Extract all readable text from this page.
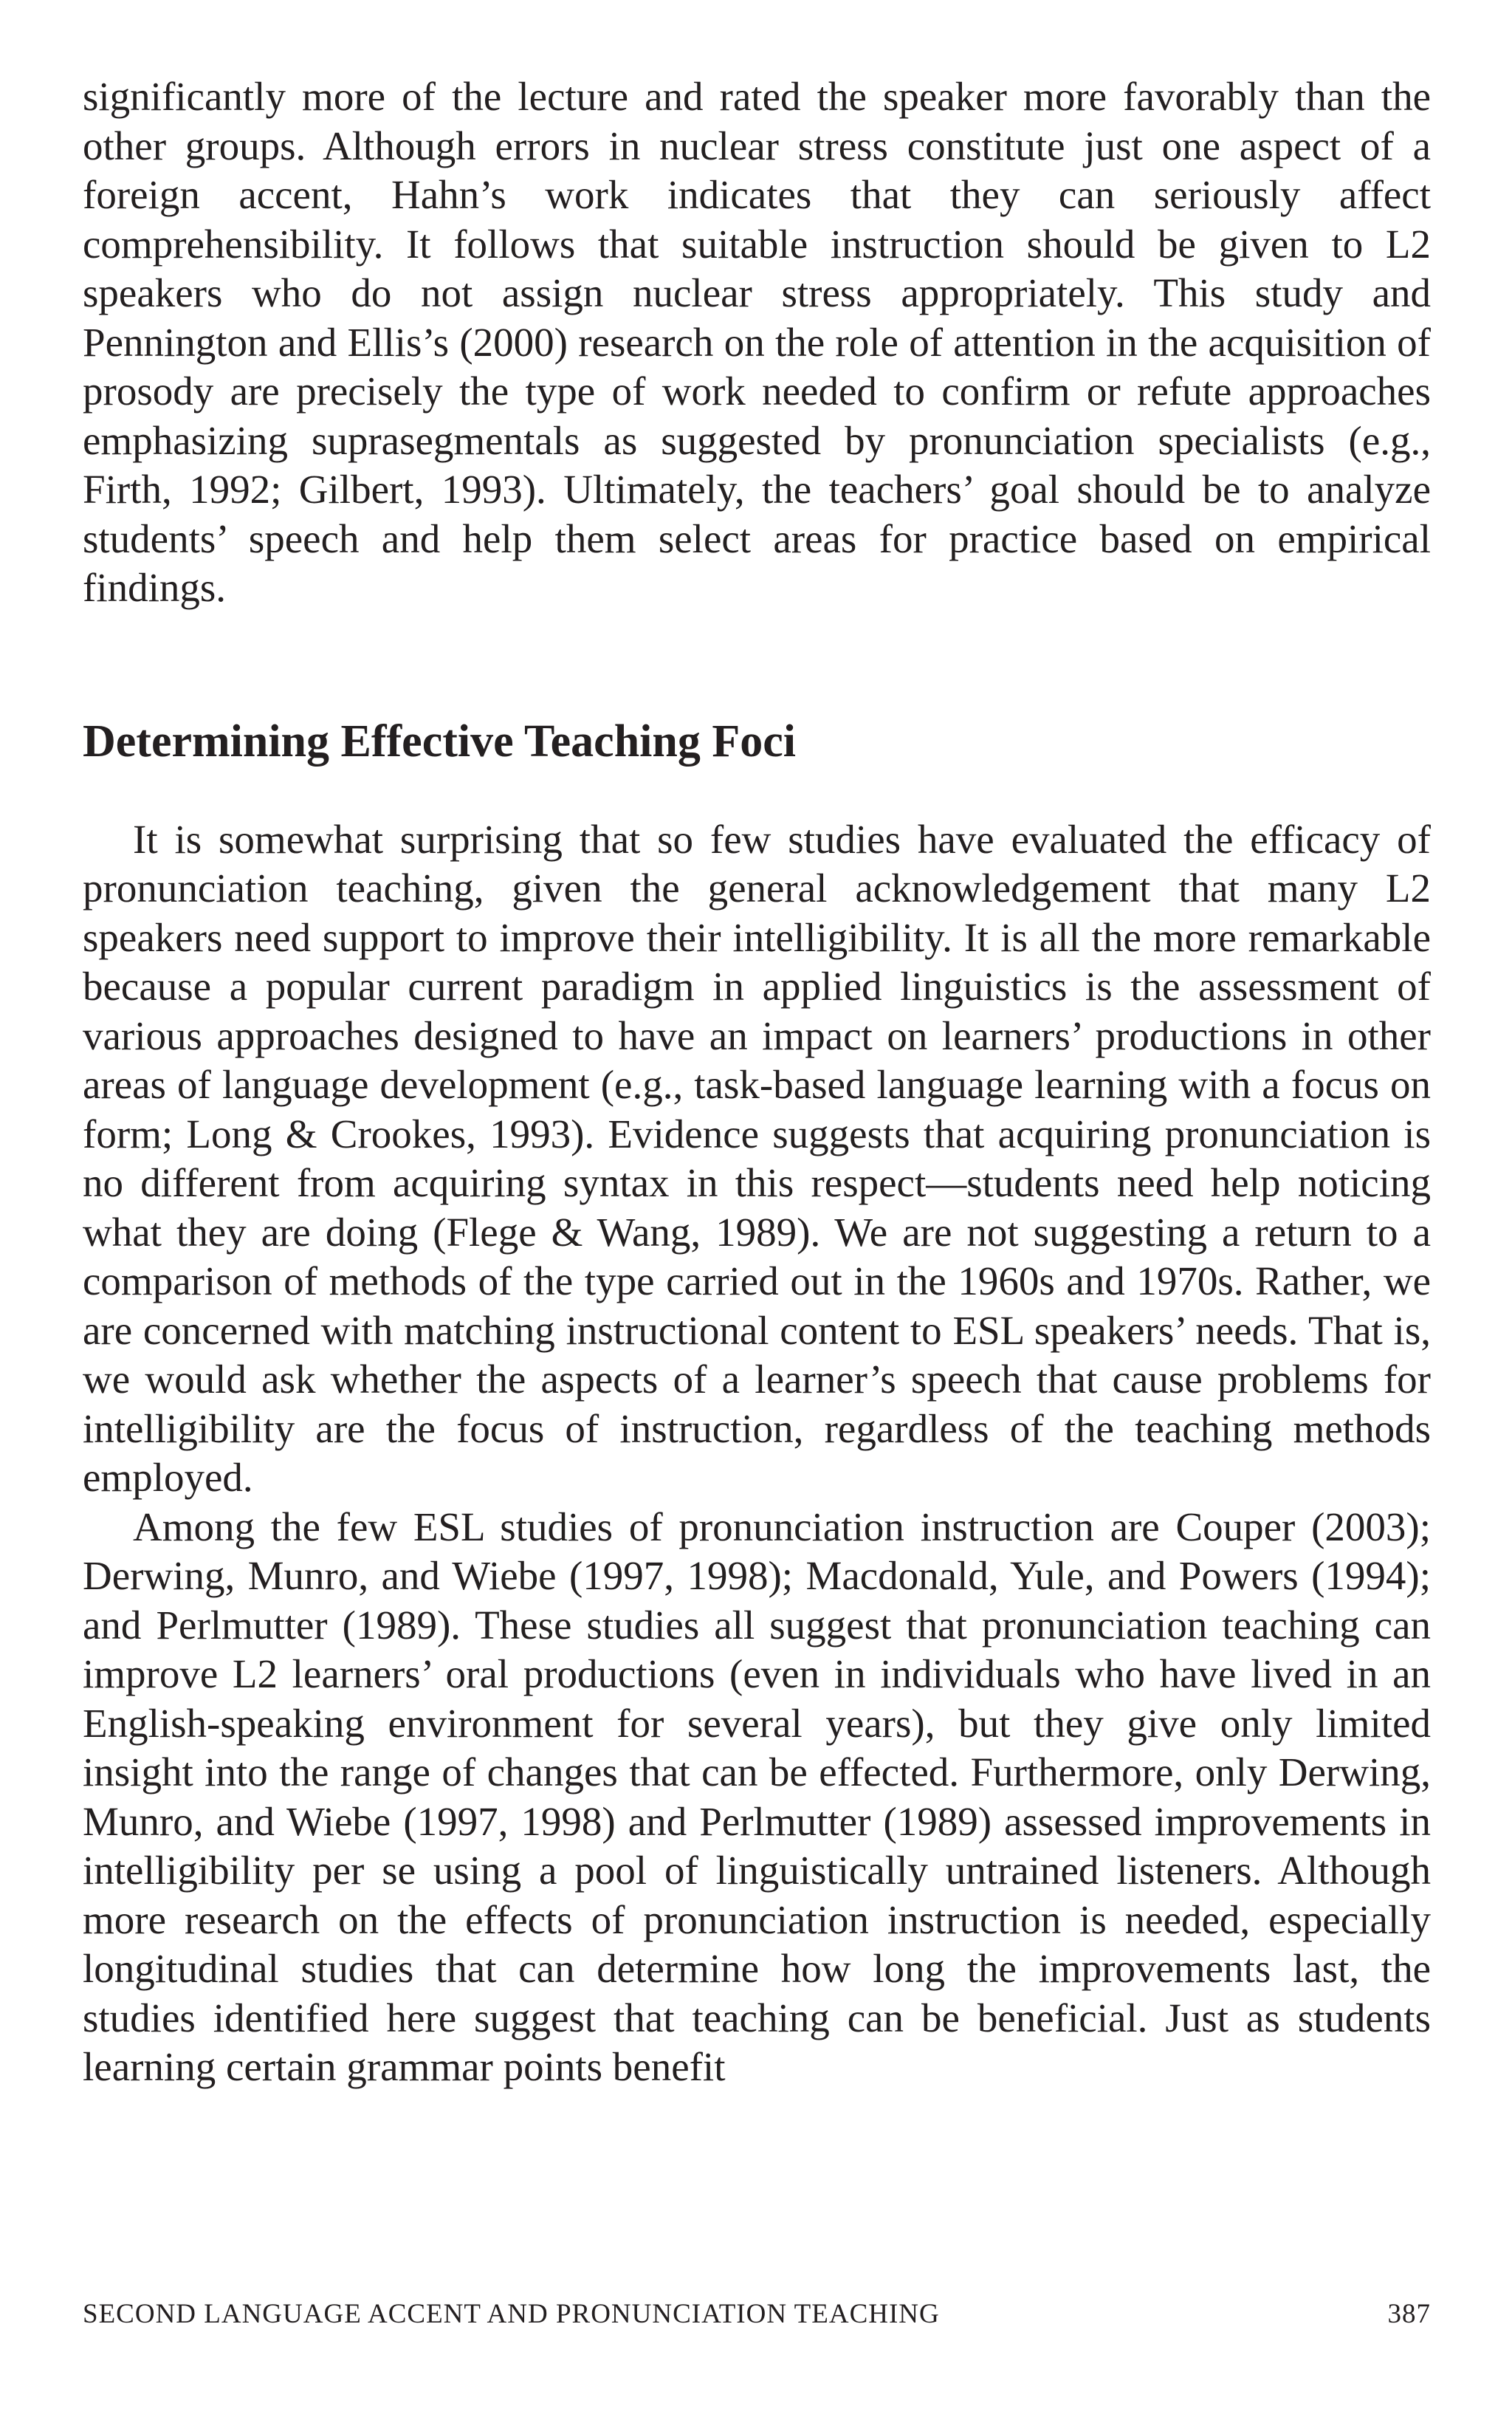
significantly more of the lecture and rated the speaker more favorably than the other groups. Although errors in nuclear stress constitute just one aspect of a foreign accent, Hahn’s work indicates that they can seriously affect comprehensibility. It follows that suitable instruction should be given to L2 speakers who do not assign nuclear stress appropriately. This study and Pennington and Ellis’s (2000) research on the role of attention in the acquisition of prosody are precisely the type of work needed to confirm or refute approaches emphasizing suprasegmentals as suggested by pronunciation specialists (e.g., Firth, 1992; Gilbert, 1993). Ultimately, the teachers’ goal should be to analyze students’ speech and help them select areas for practice based on empirical findings.

Determining Effective Teaching Foci

It is somewhat surprising that so few studies have evaluated the efficacy of pronunciation teaching, given the general acknowledgement that many L2 speakers need support to improve their intelligibility. It is all the more remarkable because a popular current paradigm in applied linguistics is the assessment of various approaches designed to have an impact on learners’ productions in other areas of language development (e.g., task-based language learning with a focus on form; Long & Crookes, 1993). Evidence suggests that acquiring pronunciation is no different from acquiring syntax in this respect—students need help noticing what they are doing (Flege & Wang, 1989). We are not suggesting a return to a comparison of methods of the type carried out in the 1960s and 1970s. Rather, we are concerned with matching instructional content to ESL speakers’ needs. That is, we would ask whether the aspects of a learner’s speech that cause problems for intelligibility are the focus of instruction, regardless of the teaching methods employed.

Among the few ESL studies of pronunciation instruction are Couper (2003); Derwing, Munro, and Wiebe (1997, 1998); Macdonald, Yule, and Powers (1994); and Perlmutter (1989). These studies all suggest that pronunciation teaching can improve L2 learners’ oral productions (even in individuals who have lived in an English-speaking environment for several years), but they give only limited insight into the range of changes that can be effected. Furthermore, only Derwing, Munro, and Wiebe (1997, 1998) and Perlmutter (1989) assessed improvements in intelligibility per se using a pool of linguistically untrained listeners. Although more research on the effects of pronunciation instruction is needed, especially longitudinal studies that can determine how long the improvements last, the studies identified here suggest that teaching can be beneficial. Just as students learning certain grammar points benefit

SECOND LANGUAGE ACCENT AND PRONUNCIATION TEACHING	387
